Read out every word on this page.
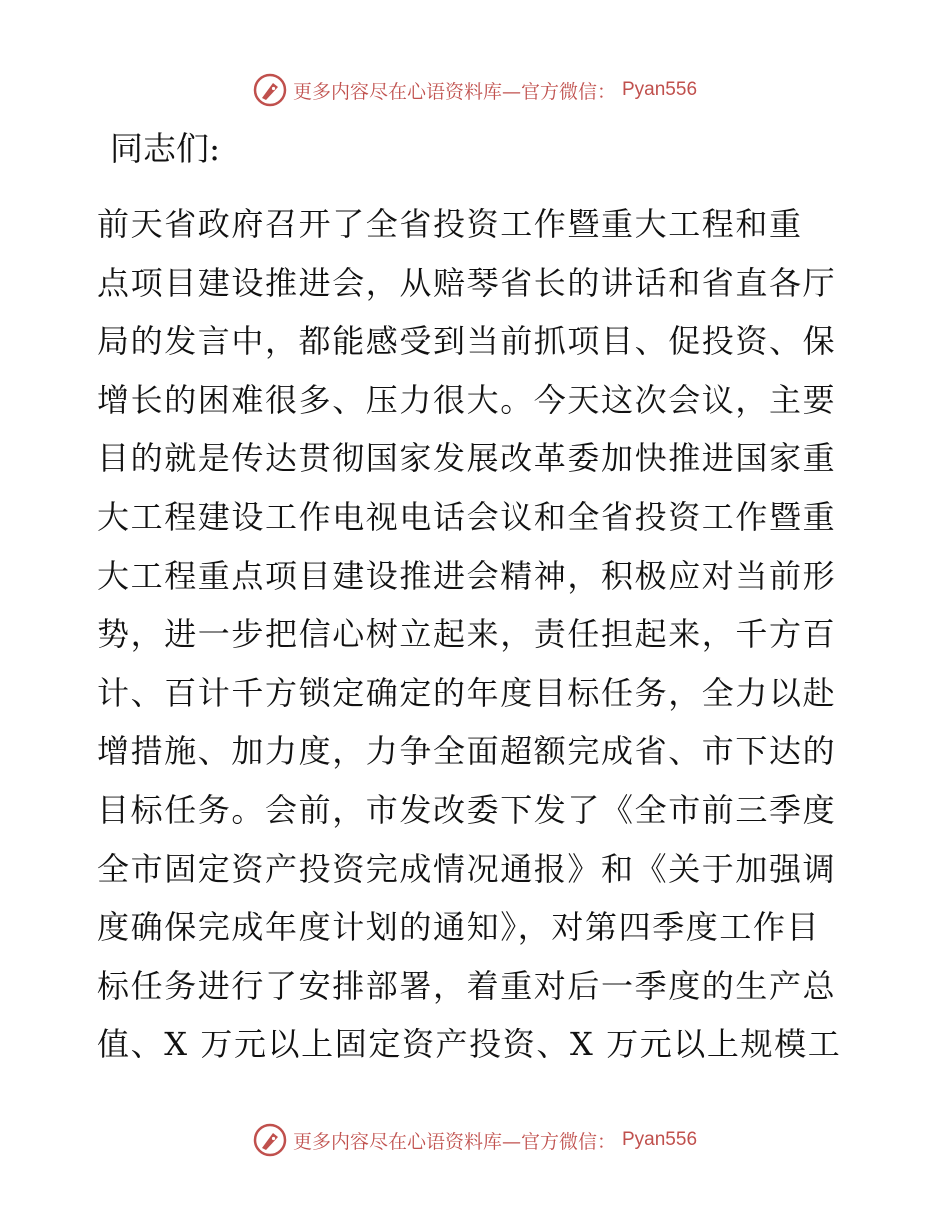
更多内容尽在心语资料库—官方微信： Pyan556
同志们:
前天省政府召开了全省投资工作暨重大工程和重
点项目建设推进会，从赔琴省长的讲话和省直各厅
局的发言中，都能感受到当前抓项目、促投资、保
增长的困难很多、压力很大。今天这次会议，主要
目的就是传达贯彻国家发展改革委加快推进国家重
大工程建设工作电视电话会议和全省投资工作暨重
大工程重点项目建设推进会精神，积极应对当前形
势，进一步把信心树立起来，责任担起来，千方百
计、百计千方锁定确定的年度目标任务，全力以赴
增措施、加力度，力争全面超额完成省、市下达的
目标任务。会前，市发改委下发了《全市前三季度
全市固定资产投资完成情况通报》和《关于加强调
度确保完成年度计划的通知》，对第四季度工作目
标任务进行了安排部署，着重对后一季度的生产总
值、X 万元以上固定资产投资、X 万元以上规模工
更多内容尽在心语资料库—官方微信： Pyan556
